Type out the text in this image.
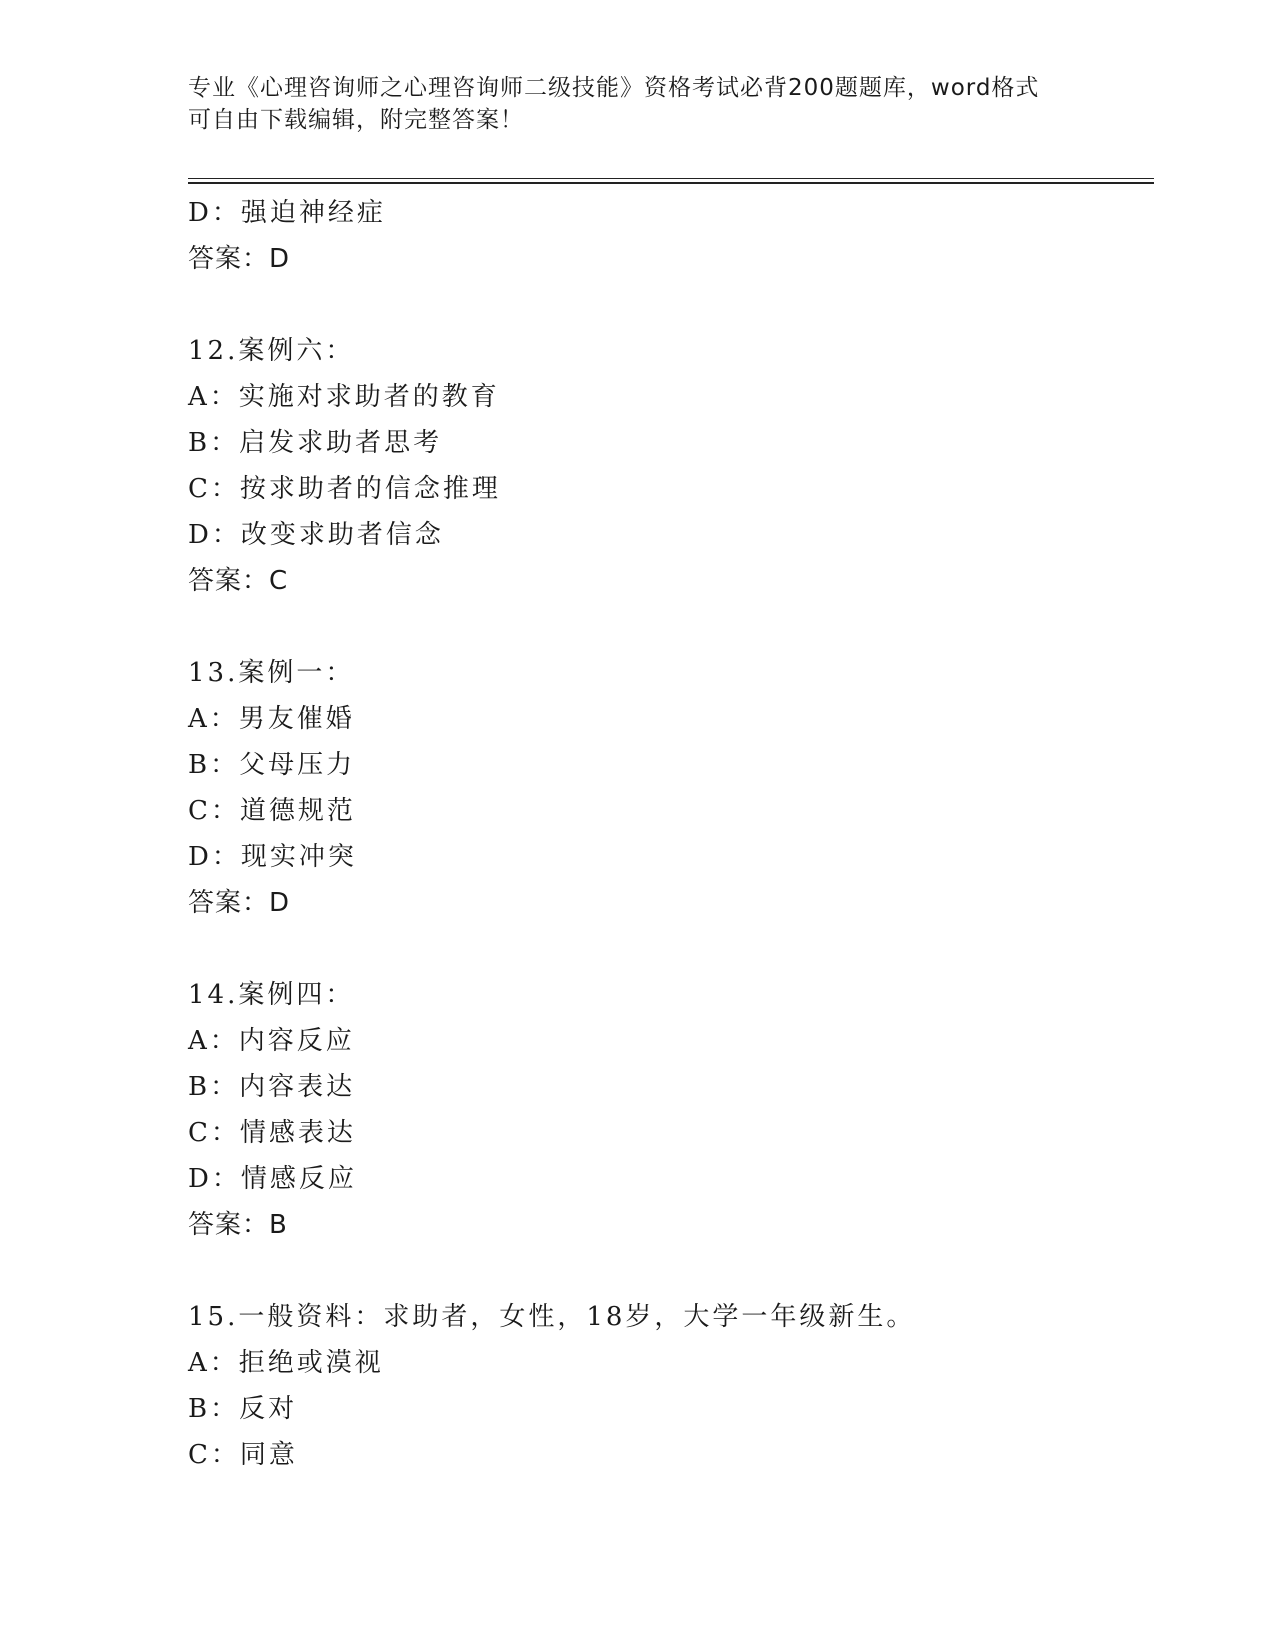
专业《心理咨询师之心理咨询师二级技能》资格考试必背200题题库，word格式
可自由下载编辑，附完整答案！
D：强迫神经症
答案：D
12.案例六：
A：实施对求助者的教育
B：启发求助者思考
C：按求助者的信念推理
D：改变求助者信念
答案：C
13.案例一：
A：男友催婚
B：父母压力
C：道德规范
D：现实冲突
答案：D
14.案例四：
A：内容反应
B：内容表达
C：情感表达
D：情感反应
答案：B
15.一般资料：求助者，女性，18岁，大学一年级新生。
A：拒绝或漠视
B：反对
C：同意
